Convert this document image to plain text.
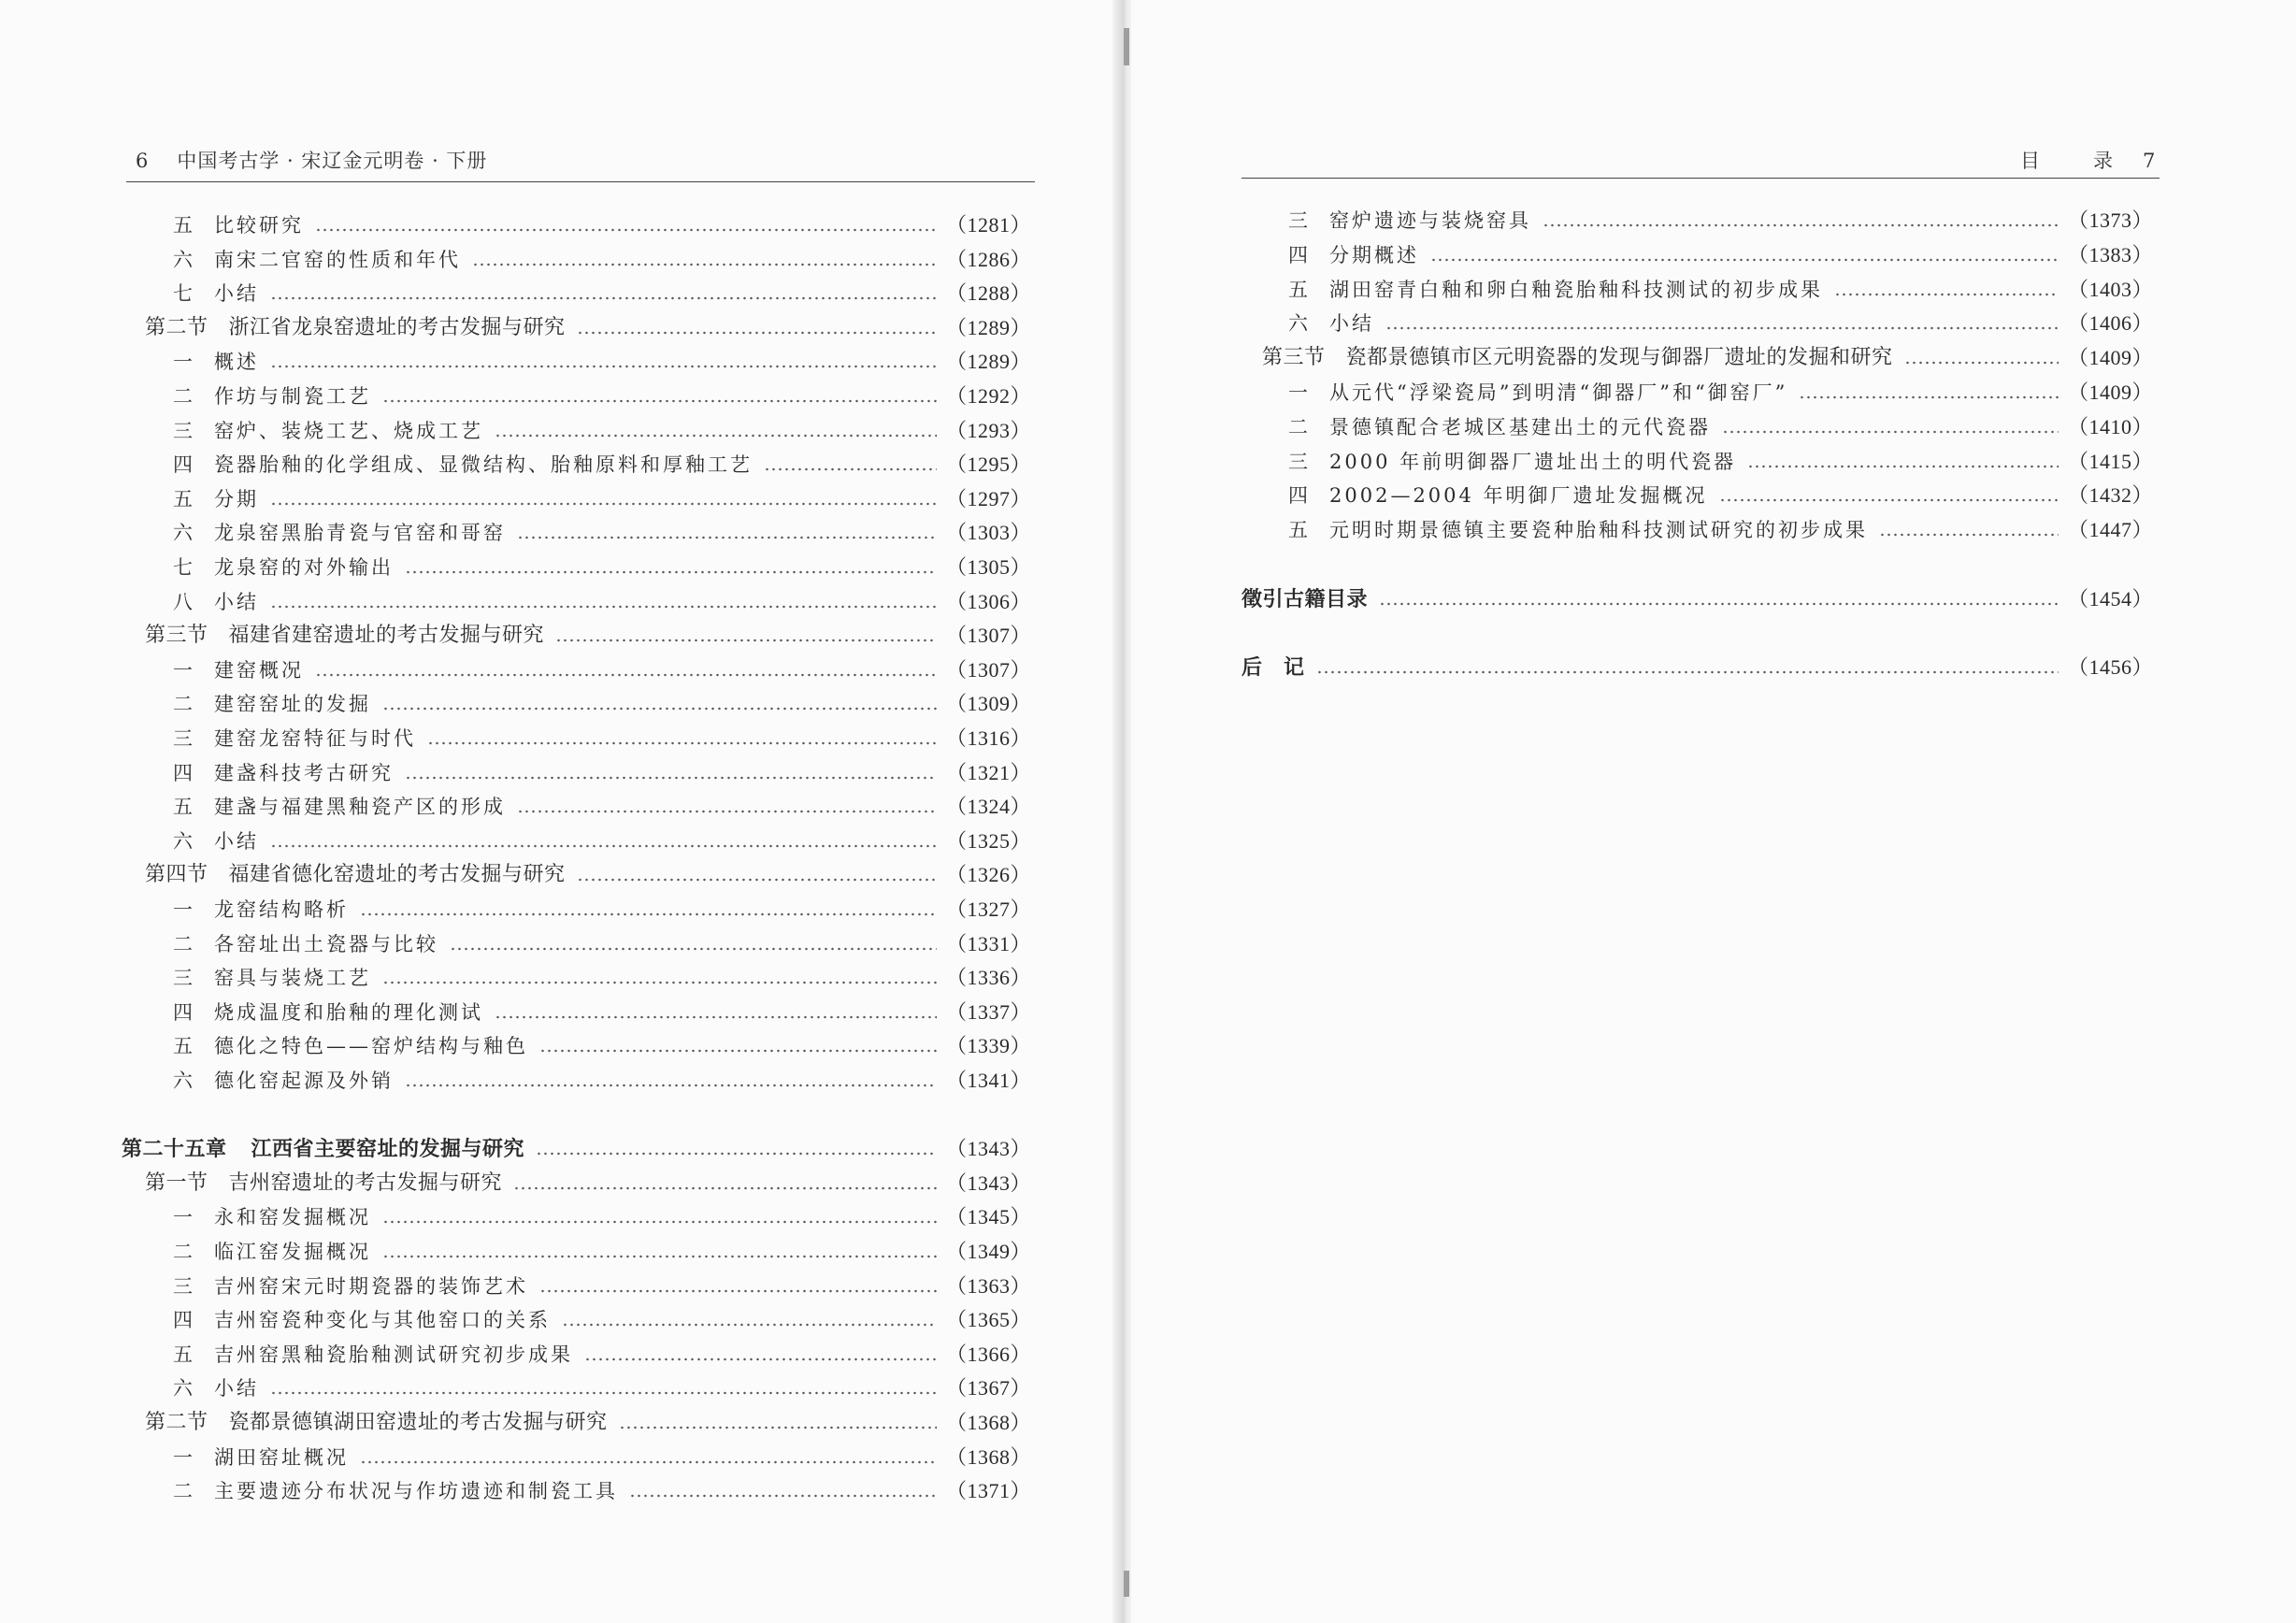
6 中国考古学 · 宋辽金元明卷 · 下册
五	比较研究	（1281）
六	南宋二官窑的性质和年代	（1286）
七	小结	（1288）
第二节 浙江省龙泉窑遗址的考古发掘与研究	（1289）
一	概述	（1289）
二	作坊与制瓷工艺	（1292）
三	窑炉、装烧工艺、烧成工艺	（1293）
四	瓷器胎釉的化学组成、显微结构、胎釉原料和厚釉工艺	（1295）
五	分期	（1297）
六	龙泉窑黑胎青瓷与官窑和哥窑	（1303）
七	龙泉窑的对外输出	（1305）
八	小结	（1306）
第三节 福建省建窑遗址的考古发掘与研究	（1307）
一	建窑概况	（1307）
二	建窑窑址的发掘	（1309）
三	建窑龙窑特征与时代	（1316）
四	建盏科技考古研究	（1321）
五	建盏与福建黑釉瓷产区的形成	（1324）
六	小结	（1325）
第四节 福建省德化窑遗址的考古发掘与研究	（1326）
一	龙窑结构略析	（1327）
二	各窑址出土瓷器与比较	（1331）
三	窑具与装烧工艺	（1336）
四	烧成温度和胎釉的理化测试	（1337）
五	德化之特色——窑炉结构与釉色	（1339）
六	德化窑起源及外销	（1341）
第二十五章 江西省主要窑址的发掘与研究	（1343）
第一节 吉州窑遗址的考古发掘与研究	（1343）
一	永和窑发掘概况	（1345）
二	临江窑发掘概况	（1349）
三	吉州窑宋元时期瓷器的装饰艺术	（1363）
四	吉州窑瓷种变化与其他窑口的关系	（1365）
五	吉州窑黑釉瓷胎釉测试研究初步成果	（1366）
六	小结	（1367）
第二节 瓷都景德镇湖田窑遗址的考古发掘与研究	（1368）
一	湖田窑址概况	（1368）
二	主要遗迹分布状况与作坊遗迹和制瓷工具	（1371）
目　录 7
三	窑炉遗迹与装烧窑具	（1373）
四	分期概述	（1383）
五	湖田窑青白釉和卵白釉瓷胎釉科技测试的初步成果	（1403）
六	小结	（1406）
第三节 瓷都景德镇市区元明瓷器的发现与御器厂遗址的发掘和研究	（1409）
一	从元代“浮梁瓷局”到明清“御器厂”和“御窑厂”	（1409）
二	景德镇配合老城区基建出土的元代瓷器	（1410）
三	2000 年前明御器厂遗址出土的明代瓷器	（1415）
四	2002—2004 年明御厂遗址发掘概况	（1432）
五	元明时期景德镇主要瓷种胎釉科技测试研究的初步成果	（1447）
徵引古籍目录	（1454）
后　记	（1456）
